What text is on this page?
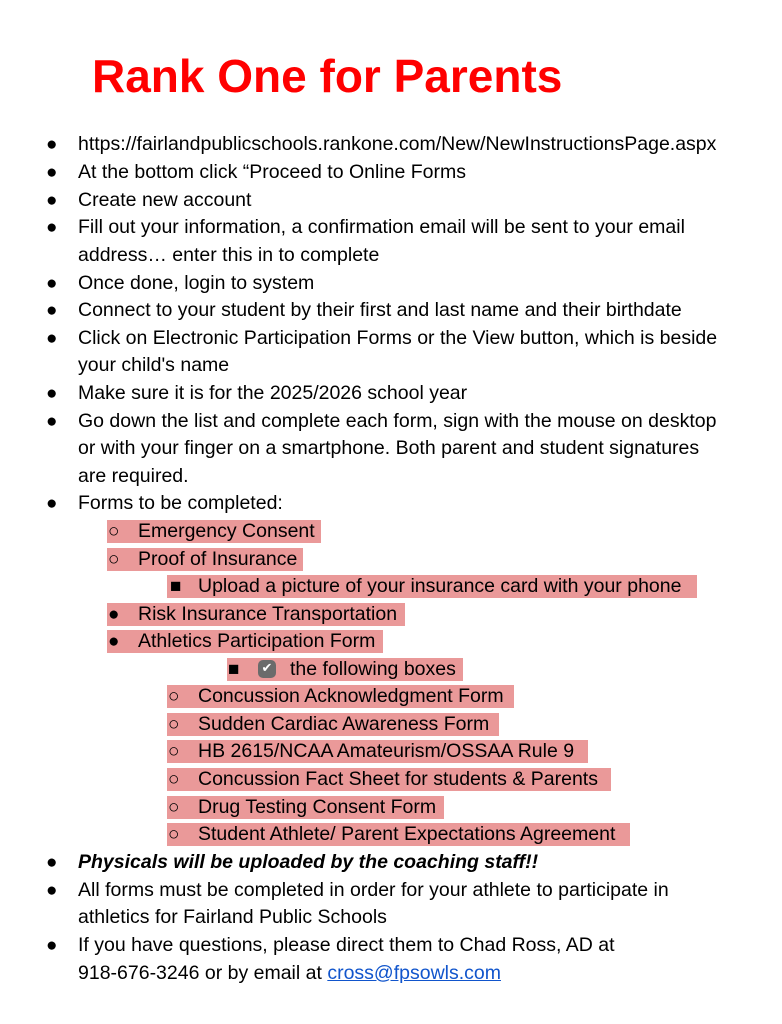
Rank One for Parents
● https://fairlandpublicschools.rankone.com/New/NewInstructionsPage.aspx
● At the bottom click “Proceed to Online Forms
● Create new account
● Fill out your information, a confirmation email will be sent to your email
address… enter this in to complete
● Once done, login to system
● Connect to your student by their first and last name and their birthdate
● Click on Electronic Participation Forms or the View button, which is beside
your child's name
● Make sure it is for the 2025/2026 school year
● Go down the list and complete each form, sign with the mouse on desktop
or with your finger on a smartphone. Both parent and student signatures
are required.
● Forms to be completed:
○ Emergency Consent
○ Proof of Insurance
■ Upload a picture of your insurance card with your phone
● Risk Insurance Transportation
● Athletics Participation Form
■ ✔ the following boxes
○ Concussion Acknowledgment Form
○ Sudden Cardiac Awareness Form
○ HB 2615/NCAA Amateurism/OSSAA Rule 9
○ Concussion Fact Sheet for students & Parents
○ Drug Testing Consent Form
○ Student Athlete/ Parent Expectations Agreement
● Physicals will be uploaded by the coaching staff!!
● All forms must be completed in order for your athlete to participate in
athletics for Fairland Public Schools
● If you have questions, please direct them to Chad Ross, AD at
918-676-3246 or by email at cross@fpsowls.com
